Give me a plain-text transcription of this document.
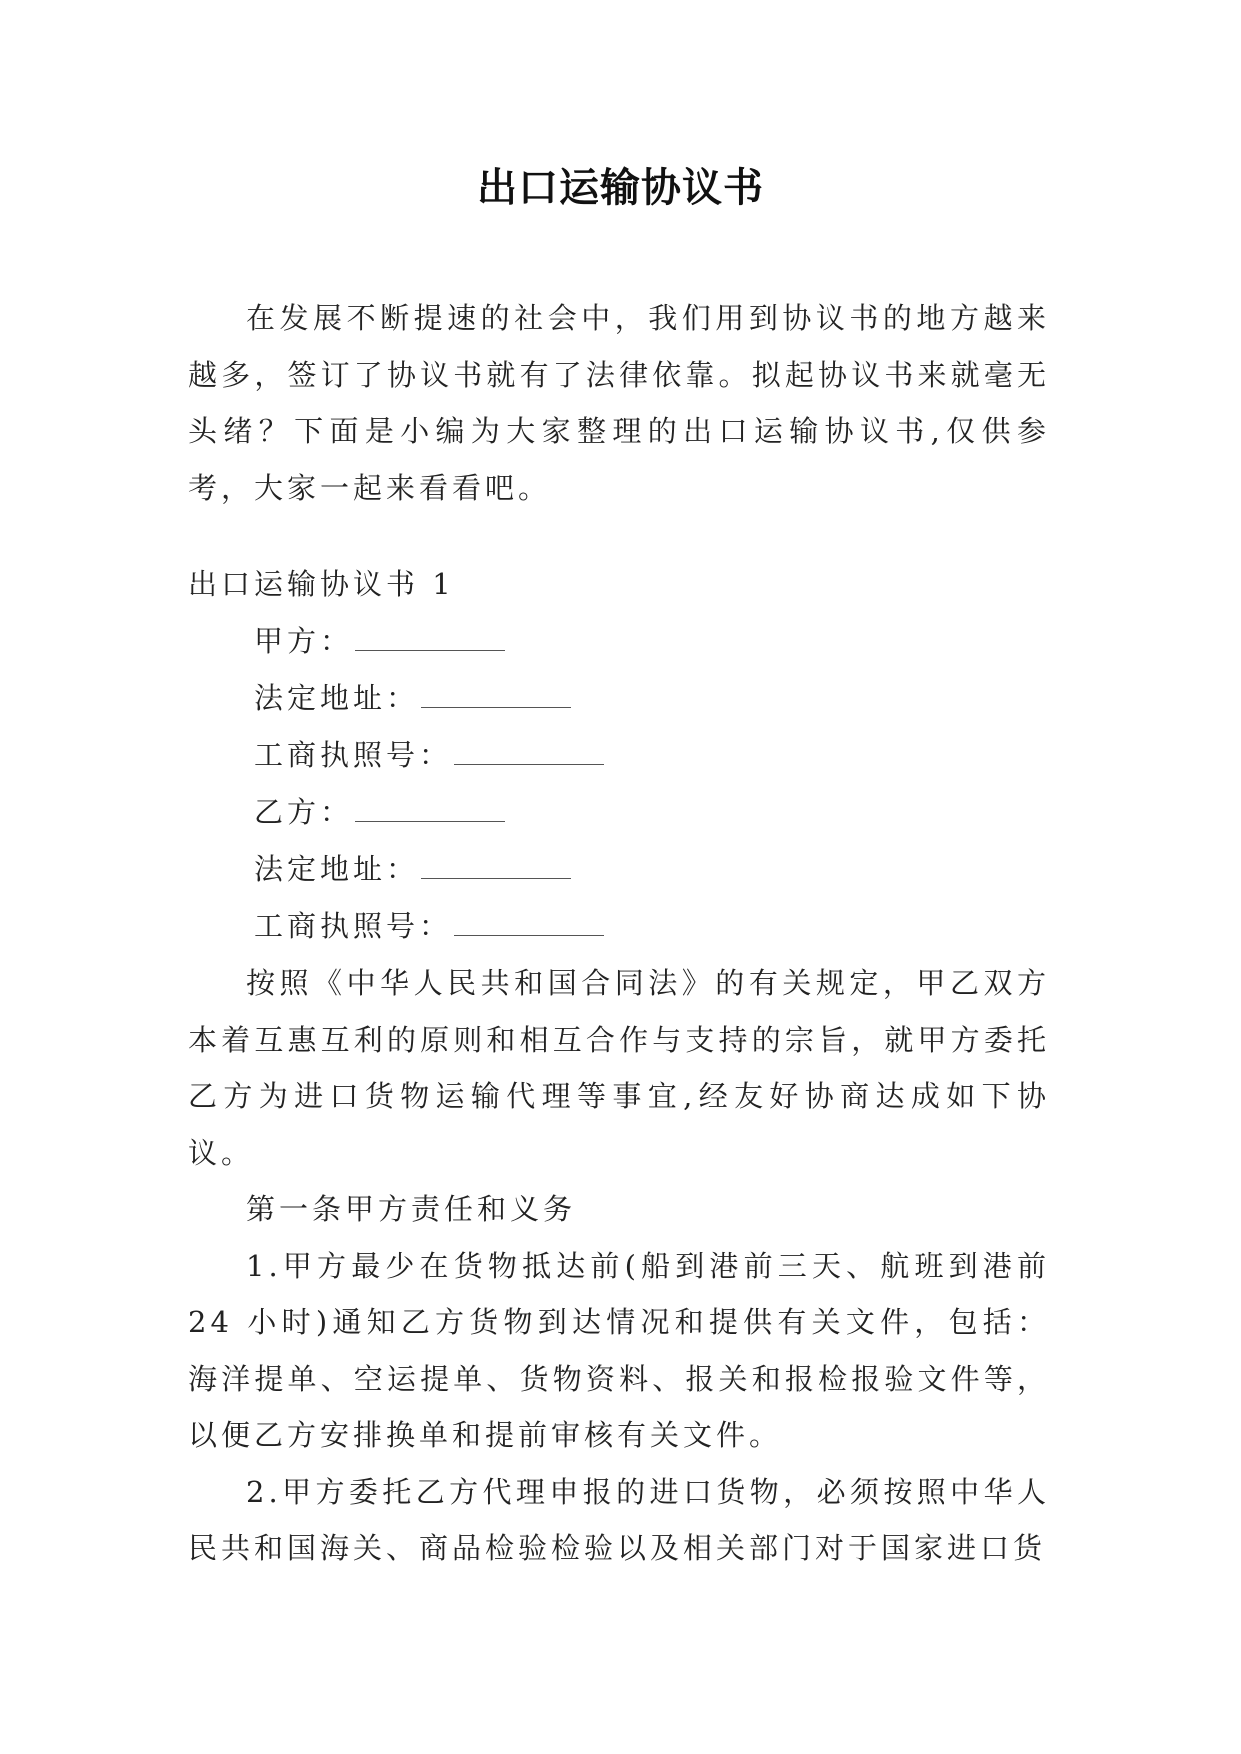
出口运输协议书

在发展不断提速的社会中，我们用到协议书的地方越来越多，签订了协议书就有了法律依靠。拟起协议书来就毫无头绪？下面是小编为大家整理的出口运输协议书,仅供参考，大家一起来看看吧。

出口运输协议书 1

甲方：

法定地址：

工商执照号：

乙方：

法定地址：

工商执照号：

按照《中华人民共和国合同法》的有关规定，甲乙双方本着互惠互利的原则和相互合作与支持的宗旨，就甲方委托乙方为进口货物运输代理等事宜,经友好协商达成如下协议。

第一条甲方责任和义务

1.甲方最少在货物抵达前(船到港前三天、航班到港前 24 小时)通知乙方货物到达情况和提供有关文件，包括：海洋提单、空运提单、货物资料、报关和报检报验文件等，以便乙方安排换单和提前审核有关文件。

2.甲方委托乙方代理申报的进口货物，必须按照中华人民共和国海关、商品检验检验以及相关部门对于国家进口货
